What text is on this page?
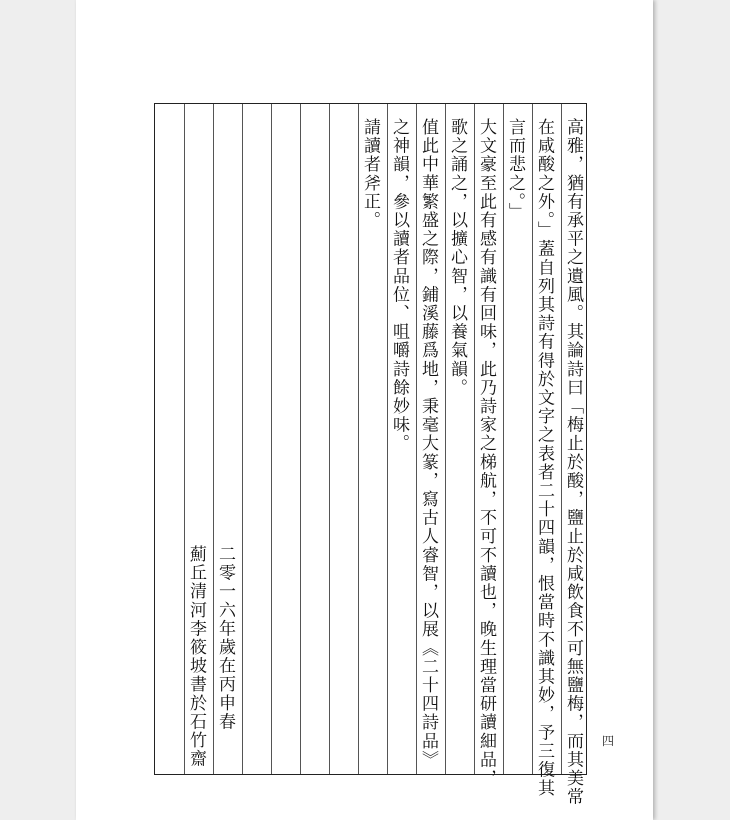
高雅，猶有承平之遺風。其論詩曰「梅止於酸，鹽止於咸飲食不可無鹽梅，而其美常
在咸酸之外。」蓋自列其詩有得於文字之表者二十四韻，恨當時不識其妙，予三復其
言而悲之。」
大文豪至此有感有識有回味，此乃詩家之梯航，不可不讀也，晚生理當研讀細品，
歌之誦之，以擴心智，以養氣韻。
值此中華繁盛之際，鋪溪藤爲地，秉毫大篆，寫古人睿智，以展《二十四詩品》
之神韻，參以讀者品位、咀嚼詩餘妙味。
請讀者斧正。
二零一六年歲在丙申春
薊丘清河李筱坡書於石竹齋	四
